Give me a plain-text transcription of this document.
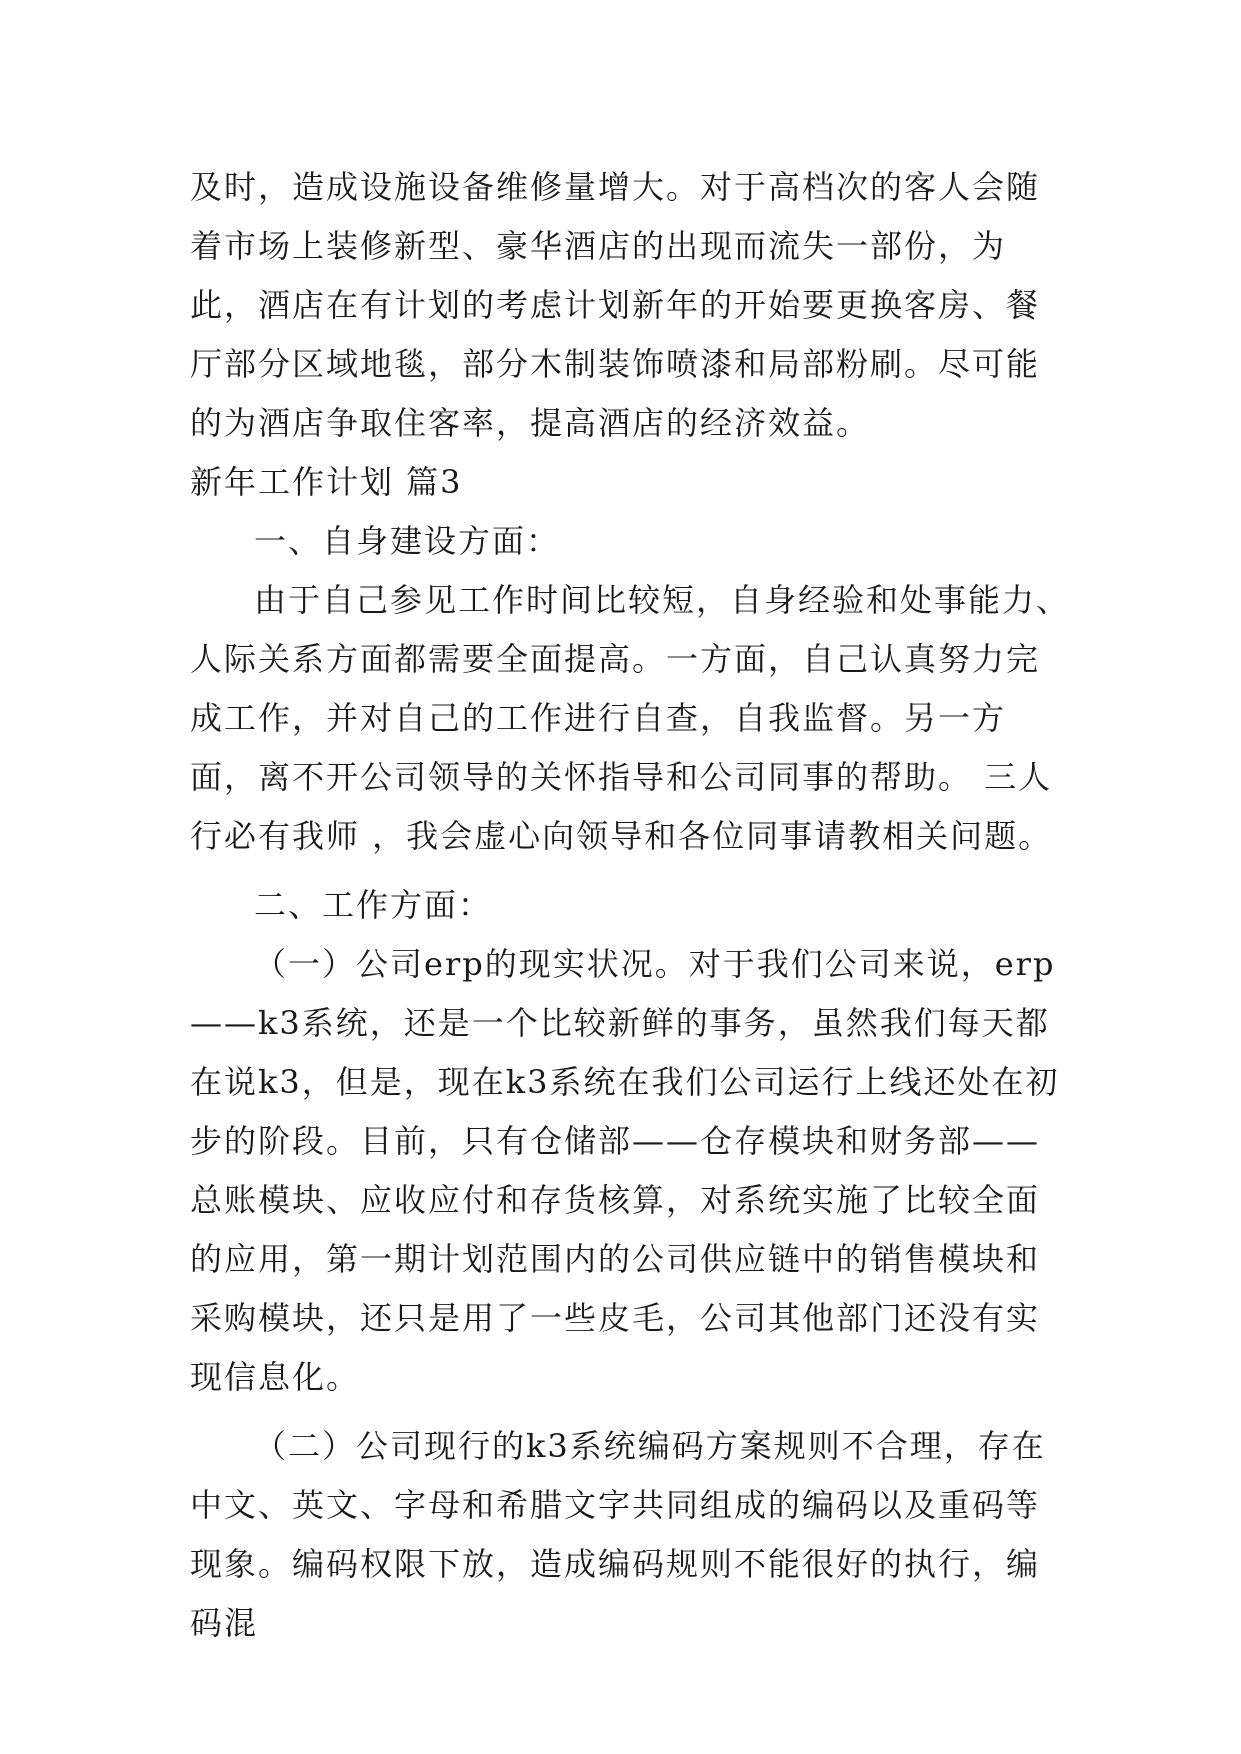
及时，造成设施设备维修量增大。对于高档次的客人会随着市场上装修新型、豪华酒店的出现而流失一部份，为此，酒店在有计划的考虑计划新年的开始要更换客房、餐厅部分区域地毯，部分木制装饰喷漆和局部粉刷。尽可能的为酒店争取住客率，提高酒店的经济效益。

新年工作计划 篇3

一、自身建设方面：

由于自己参见工作时间比较短，自身经验和处事能力、人际关系方面都需要全面提高。一方面，自己认真努力完成工作，并对自己的工作进行自查，自我监督。另一方面，离不开公司领导的关怀指导和公司同事的帮助。 三人行必有我师 ，我会虚心向领导和各位同事请教相关问题。

二、工作方面：

（一）公司erp的现实状况。对于我们公司来说，erp——k3系统，还是一个比较新鲜的事务，虽然我们每天都在说k3，但是，现在k3系统在我们公司运行上线还处在初步的阶段。目前，只有仓储部——仓存模块和财务部——总账模块、应收应付和存货核算，对系统实施了比较全面的应用，第一期计划范围内的公司供应链中的销售模块和采购模块，还只是用了一些皮毛，公司其他部门还没有实现信息化。

（二）公司现行的k3系统编码方案规则不合理，存在中文、英文、字母和希腊文字共同组成的编码以及重码等现象。编码权限下放，造成编码规则不能很好的执行，编码混
